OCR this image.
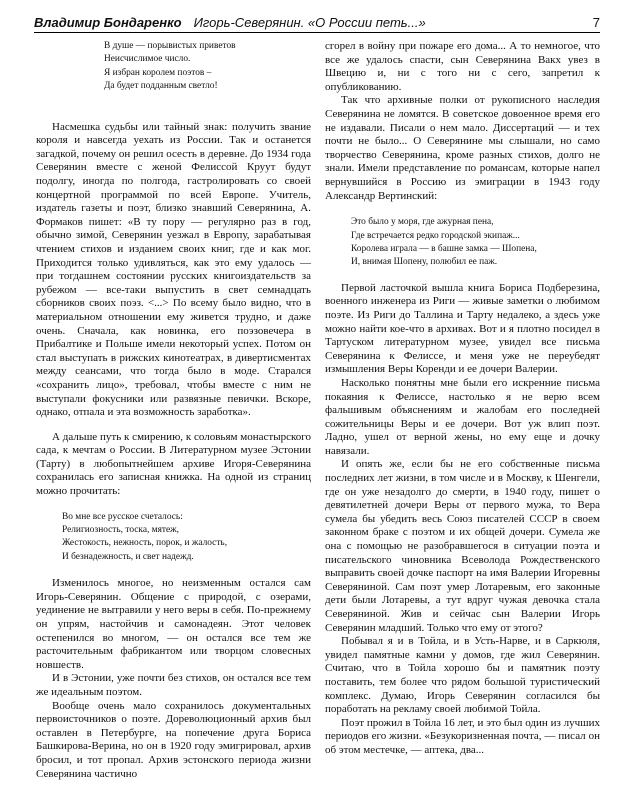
Владимир Бондаренко Игорь-Северянин. «О России петь...»	7
В душе — порывистых приветов
Неисчислимое число.
Я избран королем поэтов –
Да будет подданным светло!

Насмешка судьбы или тайный знак: получить звание короля и навсегда уехать из России. Так и останется загадкой, почему он решил осесть в деревне. До 1934 года Северянин вместе с женой Фелиссой Круут будут подолгу, иногда по полгода, гастролировать со своей концертной программой по всей Европе. Учитель, издатель газеты и поэт, близко знавший Северянина, А. Формаков пишет: «В ту пору — регулярно раз в год, обычно зимой, Северянин уезжал в Европу, зарабатывая чтением стихов и изданием своих книг, где и как мог. Приходится только удивляться, как это ему удалось — при тогдашнем состоянии русских книгоиздательств за рубежом — все-таки выпустить в свет семнадцать сборников своих поэз. <...> По всему было видно, что в материальном отношении ему живется трудно, и даже очень. Сначала, как новинка, его поэзовечера в Прибалтике и Польше имели некоторый успех. Потом он стал выступать в рижских кинотеатрах, в дивертисментах между сеансами, что тогда было в моде. Старался «сохранить лицо», требовал, чтобы вместе с ним не выступали фокусники или развязные певички. Вскоре, однако, отпала и эта возможность заработка».

А дальше путь к смирению, к соловьям монастырского сада, к мечтам о России. В Литературном музее Эстонии (Тарту) в любопытнейшем архиве Игоря-Северянина сохранилась его записная книжка. На одной из страниц можно прочитать:

Во мне все русское счеталось:
Религиозность, тоска, мятеж,
Жестокость, нежность, порок, и жалость,
И безнадежность, и свет надежд.

Изменилось многое, но неизменным остался сам Игорь-Северянин. Общение с природой, с озерами, уединение не вытравили у него веры в себя. По-прежнему он упрям, настойчив и самонадеян. Этот человек остепенился во многом, — он остался все тем же расточительным фабрикантом или творцом словесных новшеств.

И в Эстонии, уже почти без стихов, он остался все тем же идеальным поэтом.

Вообще очень мало сохранилось документальных первоисточников о поэте. Дореволюционный архив был оставлен в Петербурге, на попечение друга Бориса Башкирова-Верина, но он в 1920 году эмигрировал, архив бросил, и тот пропал. Архив эстонского периода жизни Северянина частично

сгорел в войну при пожаре его дома... А то немногое, что все же удалось спасти, сын Северянина Вакх увез в Швецию и, ни с того ни с сего, запретил к опубликованию.

Так что архивные полки от рукописного наследия Северянина не ломятся. В советское довоенное время его не издавали. Писали о нем мало. Диссертаций — и тех почти не было... О Северянине мы слышали, но само творчество Северянина, кроме разных стихов, долго не знали. Имели представление по романсам, которые напел вернувшийся в Россию из эмиграции в 1943 году Александр Вертинский:

Это было у моря, где ажурная пена,
Где встречается редко городской экипаж...
Королева играла — в башне замка — Шопена,
И, внимая Шопену, полюбил ее паж.

Первой ласточкой вышла книга Бориса Подберезина, военного инженера из Риги — живые заметки о любимом поэте. Из Риги до Таллина и Тарту недалеко, а здесь уже можно найти кое-что в архивах. Вот и я плотно посидел в Тартуском литературном музее, увидел все письма Северянина к Фелиссе, и меня уже не переубедят измышления Веры Коренди и ее дочери Валерии.

Насколько понятны мне были его искренние письма покаяния к Фелиссе, настолько я не верю всем фальшивым объяснениям и жалобам его последней сожительницы Веры и ее дочери. Вот уж влип поэт. Ладно, ушел от верной жены, но ему еще и дочку навязали.

И опять же, если бы не его собственные письма последних лет жизни, в том числе и в Москву, к Шенгели, где он уже незадолго до смерти, в 1940 году, пишет о девятилетней дочери Веры от первого мужа, то Вера сумела бы убедить весь Союз писателей СССР в своем законном браке с поэтом и их общей дочери. Сумела же она с помощью не разобравшегося в ситуации поэта и писательского чиновника Всеволода Рождественского выправить своей дочке паспорт на имя Валерии Игоревны Северяниной. Сам поэт умер Лотаревым, его законные дети были Лотаревы, а тут вдруг чужая девочка стала Северяниной. Жив и сейчас сын Валерии Игорь Северянин младший. Только что ему от этого?

Побывал я и в Тойла, и в Усть-Нарве, и в Саркюля, увидел памятные камни у домов, где жил Северянин. Считаю, что в Тойла хорошо бы и памятник поэту поставить, тем более что рядом большой туристический комплекс. Думаю, Игорь Северянин согласился бы поработать на рекламу своей любимой Тойла.

Поэт прожил в Тойла 16 лет, и это был один из лучших периодов его жизни. «Безукоризненная почта, — писал он об этом местечке, — аптека, два...
